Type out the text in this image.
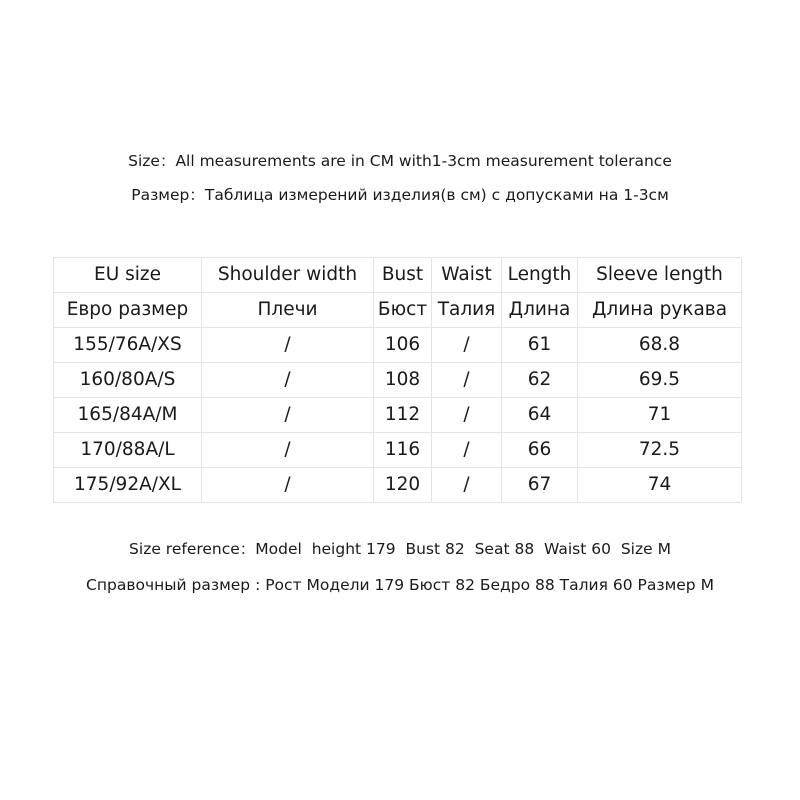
Size：All measurements are in CM with1-3cm measurement tolerance
Размер：Таблица измерений изделия(в см) с допусками на 1-3см
EU size	Shoulder width	Bust	Waist	Length	Sleeve length
Евро размер	Плечи	Бюст	Талия	Длина	Длина рукава
155/76A/XS	/	106	/	61	68.8
160/80A/S	/	108	/	62	69.5
165/84A/M	/	112	/	64	71
170/88A/L	/	116	/	66	72.5
175/92A/XL	/	120	/	67	74
Size reference：Model  height 179  Bust 82  Seat 88  Waist 60  Size M
Справочный размер : Рост Модели 179 Бюст 82 Бедро 88 Талия 60 Размер M
